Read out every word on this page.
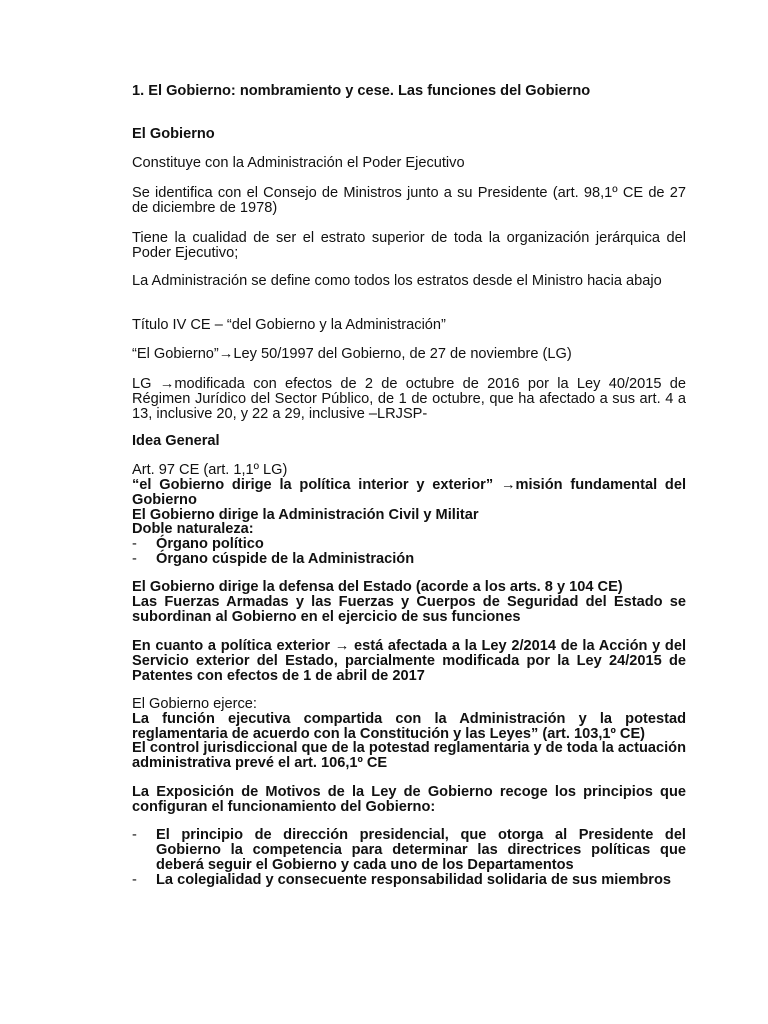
1. El Gobierno: nombramiento y cese. Las funciones del Gobierno
El Gobierno
Constituye con la Administración el Poder Ejecutivo
Se identifica con el Consejo de Ministros junto a su Presidente (art. 98,1º CE de 27 de diciembre de 1978)
Tiene la cualidad de ser el estrato superior de toda la organización jerárquica del Poder Ejecutivo;
La Administración se define como todos los estratos desde el Ministro hacia abajo
Título IV CE – “del Gobierno y la Administración”
“El Gobierno”→Ley 50/1997 del Gobierno, de 27 de noviembre (LG)
LG →modificada con efectos de 2 de octubre de 2016 por la Ley 40/2015 de Régimen Jurídico del Sector Público, de 1 de octubre, que ha afectado a sus art. 4 a 13, inclusive 20, y 22 a 29, inclusive –LRJSP-
Idea General
Art. 97 CE (art. 1,1º LG)
“el Gobierno dirige la política interior y exterior” →misión fundamental del Gobierno
El Gobierno dirige la Administración Civil y Militar
Doble naturaleza:
- Órgano político
- Órgano cúspide de la Administración
El Gobierno dirige la defensa del Estado (acorde a los arts. 8 y 104 CE)
Las Fuerzas Armadas y las Fuerzas y Cuerpos de Seguridad del Estado se subordinan al Gobierno en el ejercicio de sus funciones
En cuanto a política exterior → está afectada a la Ley 2/2014 de la Acción y del Servicio exterior del Estado, parcialmente modificada por la Ley 24/2015 de Patentes con efectos de 1 de abril de 2017
El Gobierno ejerce:
La función ejecutiva compartida con la Administración y la potestad reglamentaria de acuerdo con la Constitución y las Leyes” (art. 103,1º CE)
El control jurisdiccional que de la potestad reglamentaria y de toda la actuación administrativa prevé el art. 106,1º CE
La Exposición de Motivos de la Ley de Gobierno recoge los principios que configuran el funcionamiento del Gobierno:
- El principio de dirección presidencial, que otorga al Presidente del Gobierno la competencia para determinar las directrices políticas que deberá seguir el Gobierno y cada uno de los Departamentos
- La colegialidad y consecuente responsabilidad solidaria de sus miembros
